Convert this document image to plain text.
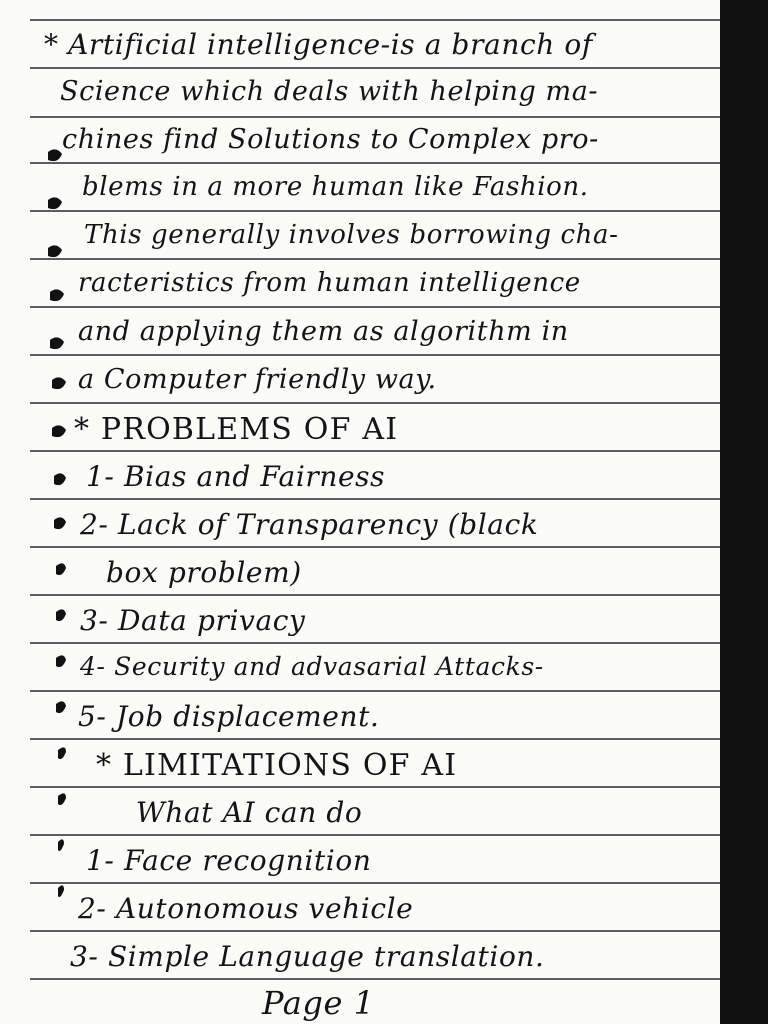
* Artificial intelligence-is a branch of
Science which deals with helping ma-
chines find Solutions to Complex pro-
blems in a more human like Fashion.
This generally involves borrowing cha-
racteristics from human intelligence
and applying them as algorithm in
a Computer friendly way.
* PROBLEMS OF AI
1- Bias and Fairness
2- Lack of Transparency (black
box problem)
3- Data privacy
4- Security and advasarial Attacks-
5- Job displacement.
* LIMITATIONS OF AI
What AI can do
1- Face recognition
2- Autonomous vehicle
3- Simple Language translation.
Page 1
